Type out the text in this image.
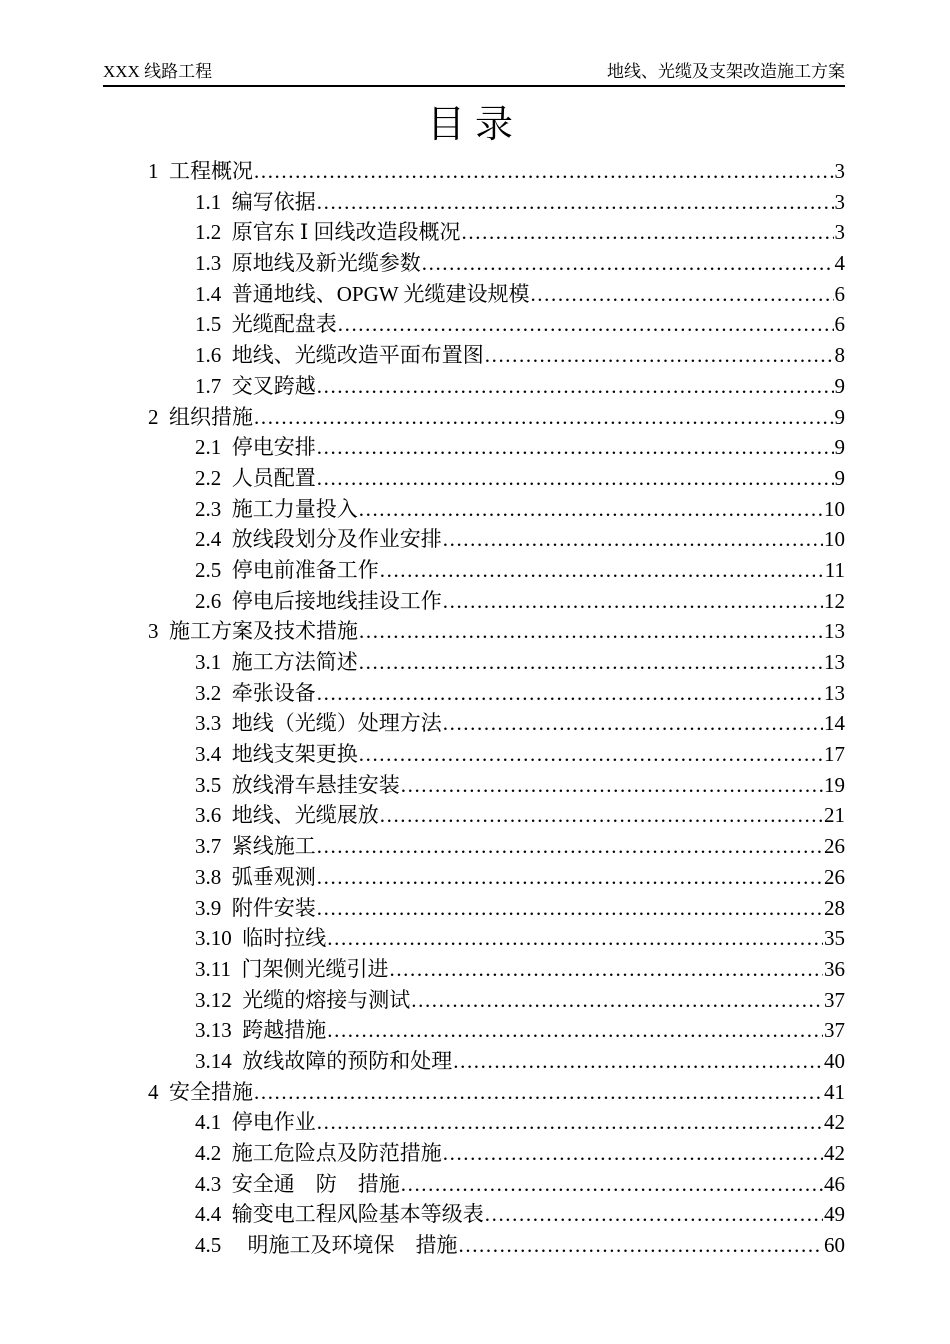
XXX 线路工程	地线、光缆及支架改造施工方案
目录
1  工程概况 .....	3
1.1  编写依据 .....	3
1.2  原官东 Ⅰ 回线改造段概况 .....	3
1.3  原地线及新光缆参数 .....	4
1.4  普通地线、OPGW 光缆建设规模 .....	6
1.5  光缆配盘表 .....	6
1.6  地线、光缆改造平面布置图 .....	8
1.7  交叉跨越 .....	9
2  组织措施 .....	9
2.1  停电安排 .....	9
2.2  人员配置 .....	9
2.3  施工力量投入 .....	10
2.4  放线段划分及作业安排 .....	10
2.5  停电前准备工作 .....	11
2.6  停电后接地线挂设工作 .....	12
3  施工方案及技术措施 .....	13
3.1  施工方法简述 .....	13
3.2  牵张设备 .....	13
3.3  地线（光缆）处理方法 .....	14
3.4  地线支架更换 .....	17
3.5  放线滑车悬挂安装 .....	19
3.6  地线、光缆展放 .....	21
3.7  紧线施工 .....	26
3.8  弧垂观测 .....	26
3.9  附件安装 .....	28
3.10  临时拉线 .....	35
3.11  门架侧光缆引进 .....	36
3.12  光缆的熔接与测试 .....	37
3.13  跨越措施 .....	37
3.14  放线故障的预防和处理 .....	40
4  安全措施 .....	41
4.1  停电作业 .....	42
4.2  施工危险点及防范措施 .....	42
4.3  安全通　防　措施 .....	46
4.4  输变电工程风险基本等级表 .....	49
4.5 　明施工及环境保　措施 .....	60
